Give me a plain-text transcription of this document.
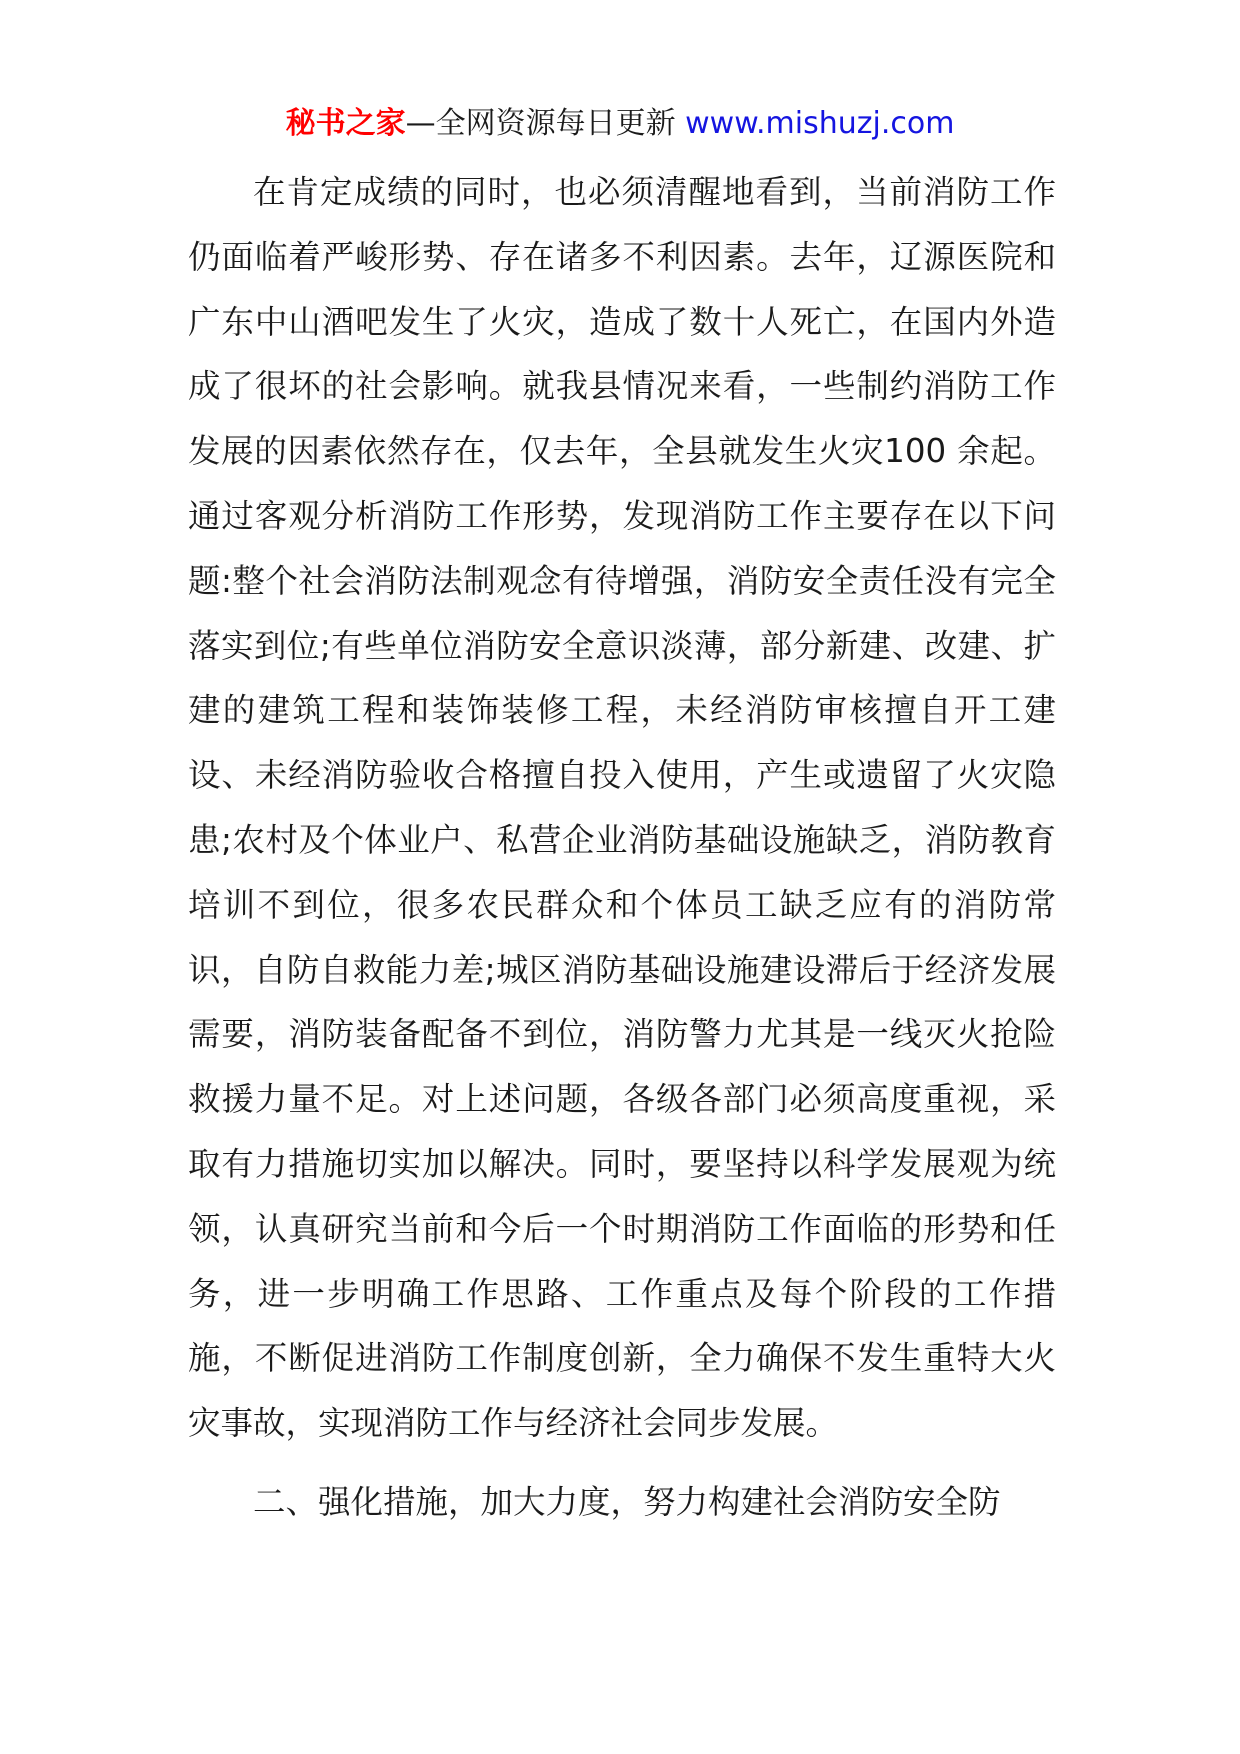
秘书之家—全网资源每日更新 www.mishuzj.com

在肯定成绩的同时，也必须清醒地看到，当前消防工作仍面临着严峻形势、存在诸多不利因素。去年，辽源医院和广东中山酒吧发生了火灾，造成了数十人死亡，在国内外造成了很坏的社会影响。就我县情况来看，一些制约消防工作发展的因素依然存在，仅去年，全县就发生火灾100 余起。通过客观分析消防工作形势，发现消防工作主要存在以下问题:整个社会消防法制观念有待增强，消防安全责任没有完全落实到位;有些单位消防安全意识淡薄，部分新建、改建、扩建的建筑工程和装饰装修工程，未经消防审核擅自开工建设、未经消防验收合格擅自投入使用，产生或遗留了火灾隐患;农村及个体业户、私营企业消防基础设施缺乏，消防教育培训不到位，很多农民群众和个体员工缺乏应有的消防常识，自防自救能力差;城区消防基础设施建设滞后于经济发展需要，消防装备配备不到位，消防警力尤其是一线灭火抢险救援力量不足。对上述问题，各级各部门必须高度重视，采取有力措施切实加以解决。同时，要坚持以科学发展观为统领，认真研究当前和今后一个时期消防工作面临的形势和任务，进一步明确工作思路、工作重点及每个阶段的工作措施，不断促进消防工作制度创新，全力确保不发生重特大火灾事故，实现消防工作与经济社会同步发展。

二、强化措施，加大力度，努力构建社会消防安全防
